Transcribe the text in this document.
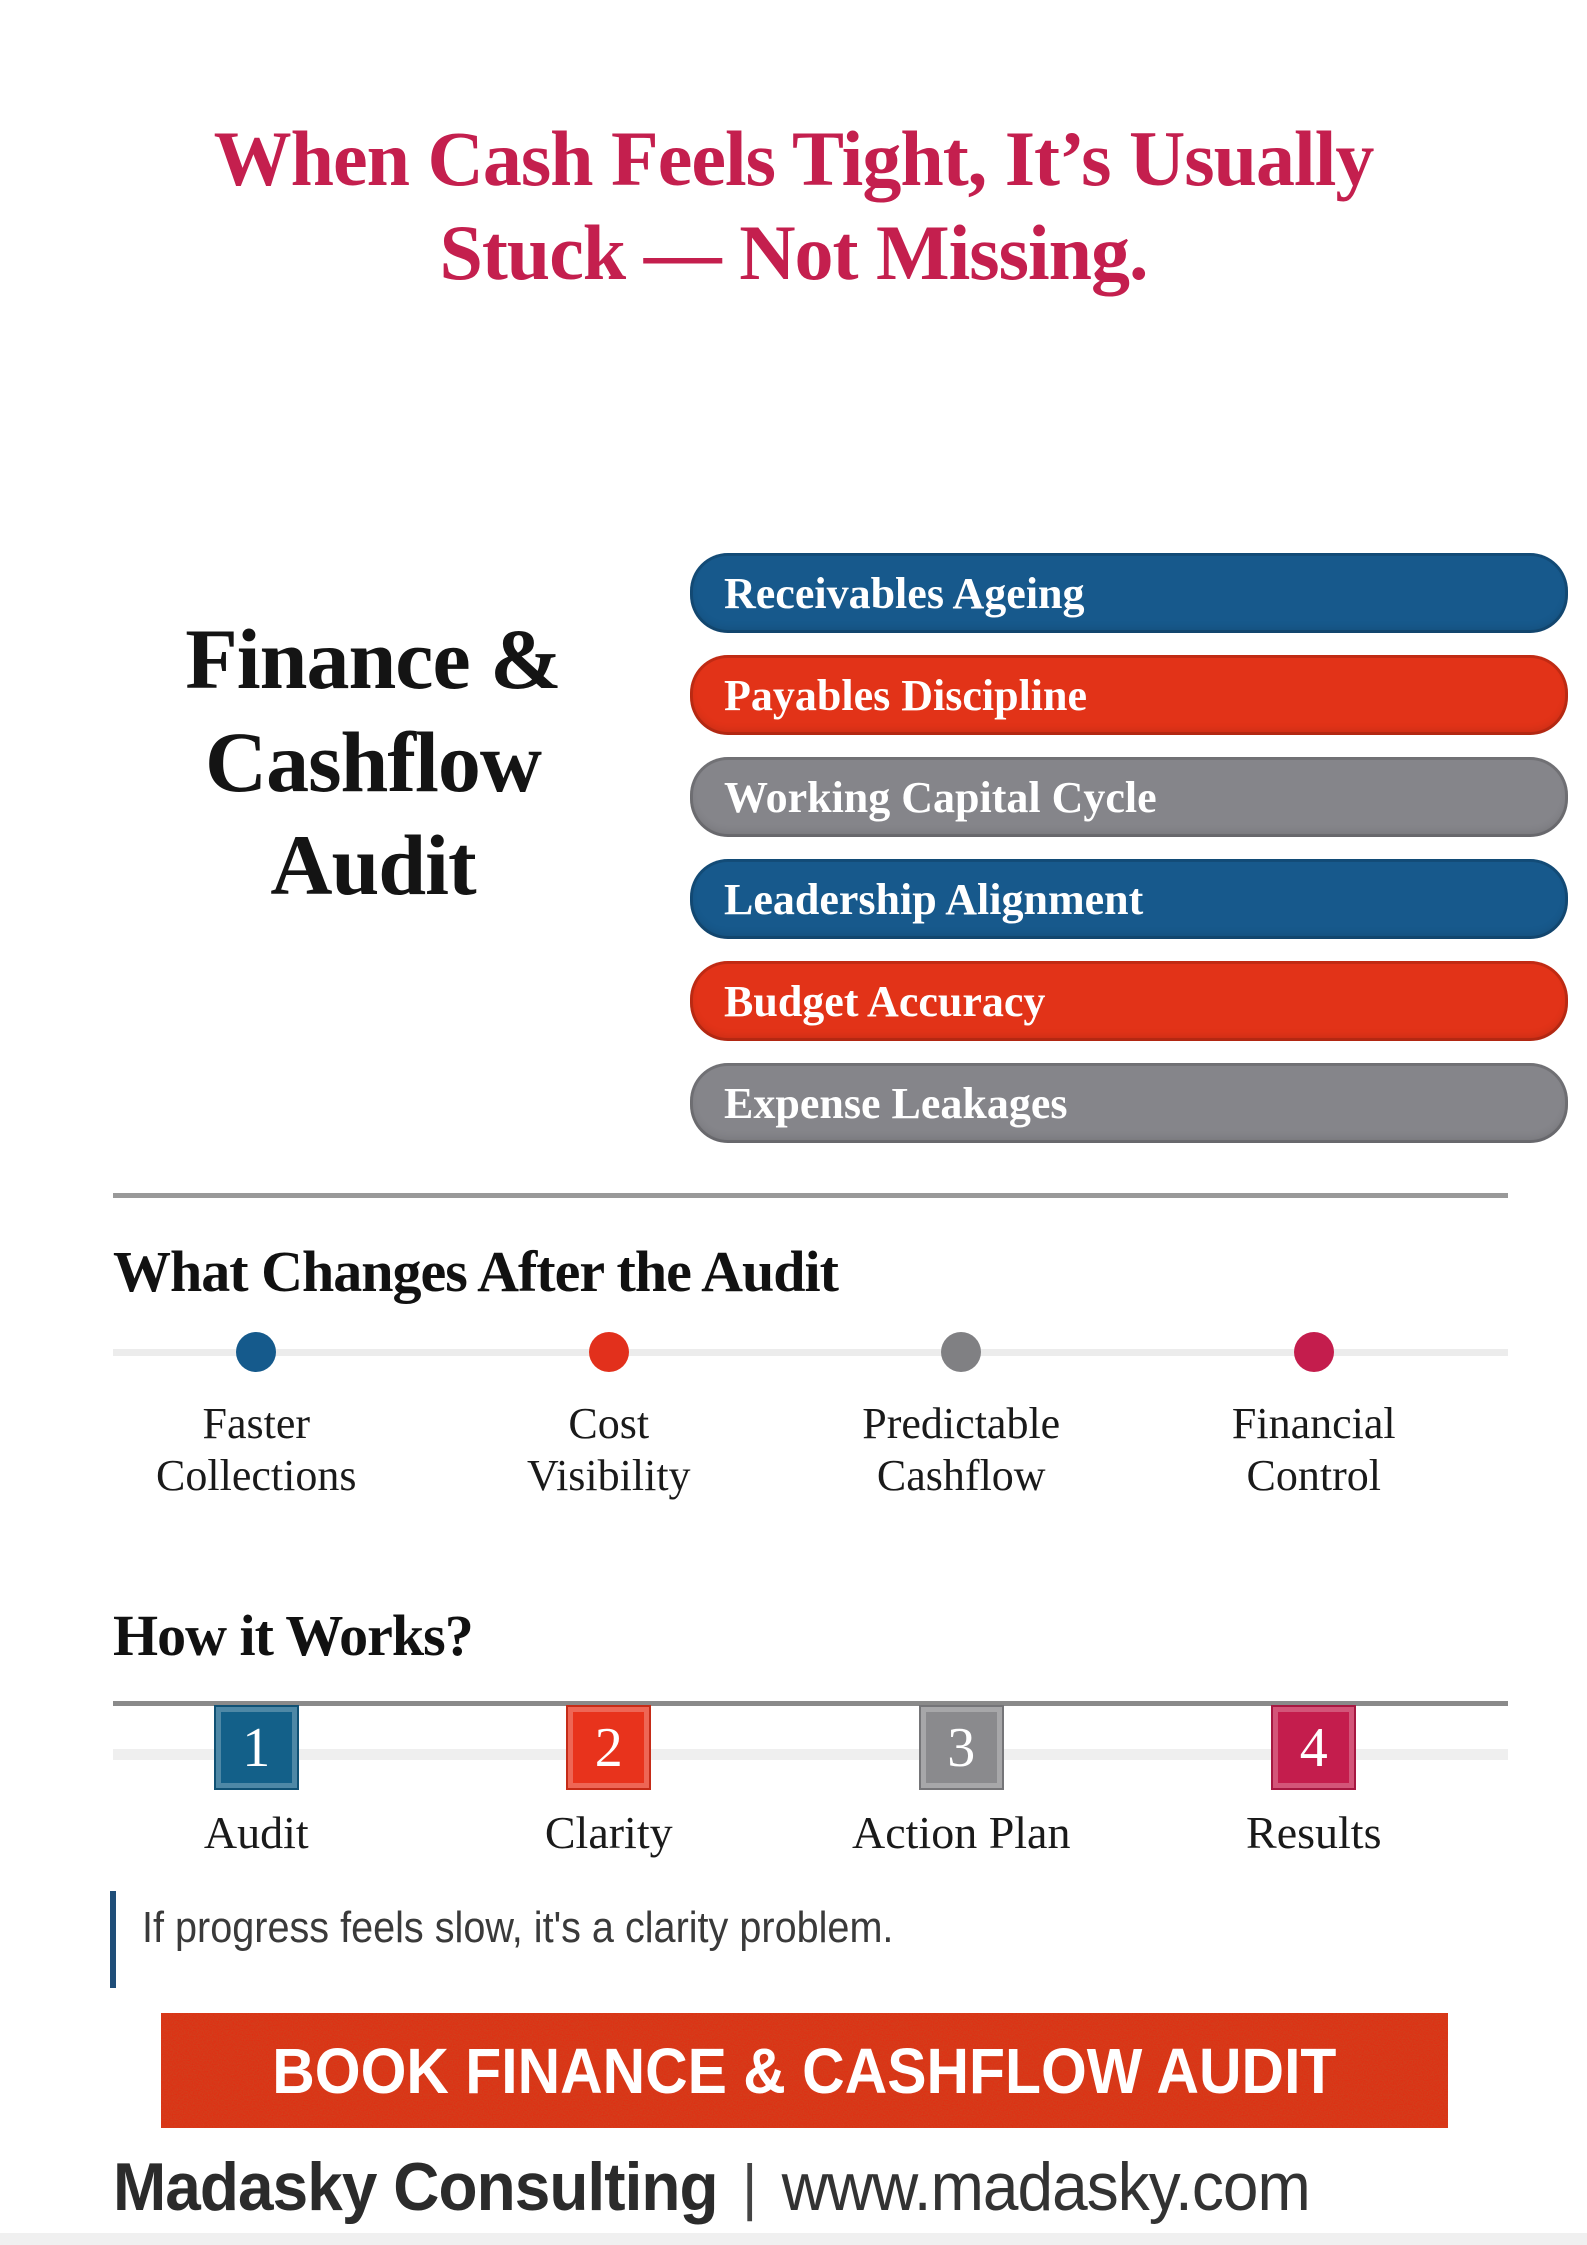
When Cash Feels Tight, It’s Usually
Stuck — Not Missing.
Finance &
Cashflow
Audit
Receivables Ageing
Payables Discipline
Working Capital Cycle
Leadership Alignment
Budget Accuracy
Expense Leakages
What Changes After the Audit
Faster
Collections
Cost
Visibility
Predictable
Cashflow
Financial
Control
How it Works?
1	2	3	4
Audit	Clarity	Action Plan	Results
If progress feels slow, it's a clarity problem.
BOOK FINANCE & CASHFLOW AUDIT
Madasky Consulting | www.madasky.com
